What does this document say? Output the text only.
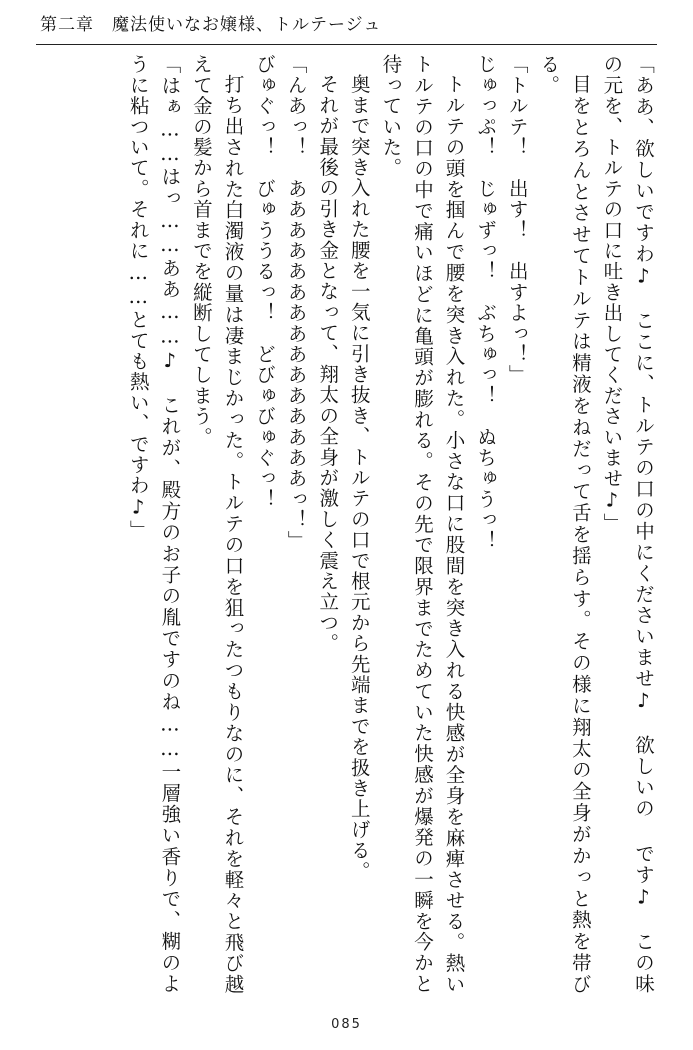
第二章 魔法使いなお嬢様、トルテージュ

「ああ、欲しいですわ♪　ここに、トルテの口の中にくださいませ♪　欲しいの です♪　この味の元を、トルテの口に吐き出してくださいませ♪」

目をとろんとさせてトルテは精液をねだって舌を揺らす。その様に翔太の全身がかっと熱を帯びる。

「トルテ！　出す！　出すよっ！」

じゅっぷ！　じゅずっ！　ぶちゅっ！　ぬちゅうっ！

トルテの頭を掴んで腰を突き入れた。小さな口に股間を突き入れる快感が全身を麻痺させる。熱いトルテの口の中で痛いほどに亀頭が膨れる。その先で限界までためていた快感が爆発の一瞬を今かと待っていた。

奥まで突き入れた腰を一気に引き抜き、トルテの口で根元から先端までを扱き上げる。

それが最後の引き金となって、翔太の全身が激しく震え立つ。

「んあっ！　あああああああああああああああっ！」

びゅぐっ！　びゅううるっ！　どびゅびゅぐっ！

打ち出された白濁液の量は凄まじかった。トルテの口を狙ったつもりなのに、それを軽々と飛び越えて金の髪から首までを縦断してしまう。

「はぁ……はっ……ああ……♪　これが、殿方のお子の胤ですのね……一層強い香りで、糊のように粘ついて。それに……とても熱い、ですわ♪」

085
